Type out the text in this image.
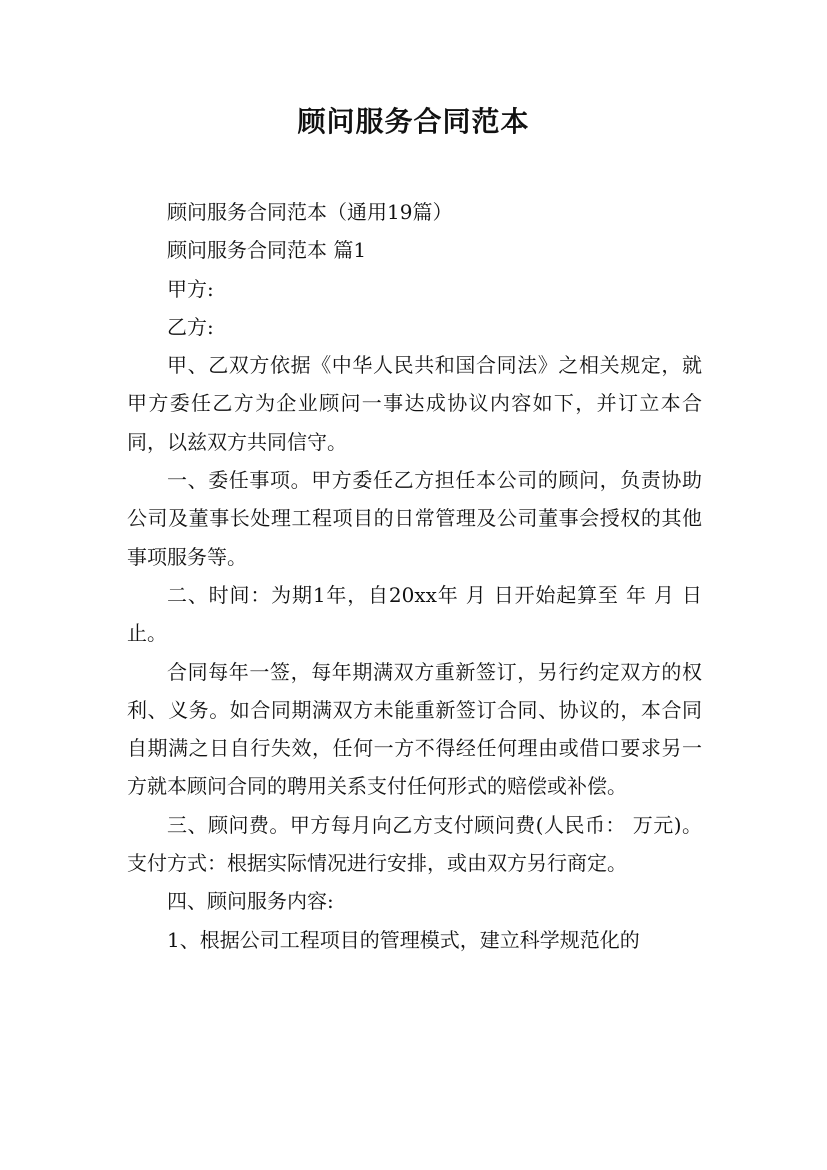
顾问服务合同范本

顾问服务合同范本（通用19篇）

顾问服务合同范本 篇1

甲方:

乙方:

甲、乙双方依据《中华人民共和国合同法》之相关规定，就甲方委任乙方为企业顾问一事达成协议内容如下，并订立本合同，以兹双方共同信守。

一、委任事项。甲方委任乙方担任本公司的顾问，负责协助公司及董事长处理工程项目的日常管理及公司董事会授权的其他事项服务等。

二、时间：为期1年，自20xx年 月 日开始起算至 年 月 日止。

合同每年一签，每年期满双方重新签订，另行约定双方的权利、义务。如合同期满双方未能重新签订合同、协议的，本合同自期满之日自行失效，任何一方不得经任何理由或借口要求另一方就本顾问合同的聘用关系支付任何形式的赔偿或补偿。

三、顾问费。甲方每月向乙方支付顾问费(人民币： 万元)。支付方式：根据实际情况进行安排，或由双方另行商定。

四、顾问服务内容:

1、根据公司工程项目的管理模式，建立科学规范化的
